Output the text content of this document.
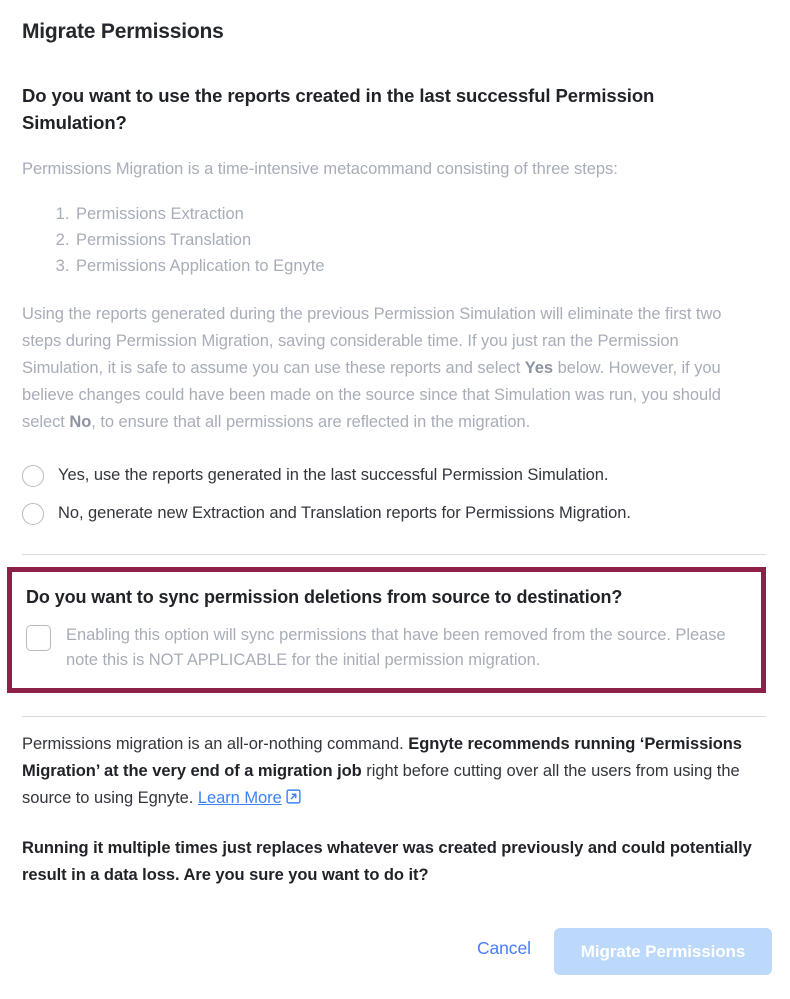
Migrate Permissions
Do you want to use the reports created in the last successful Permission Simulation?
Permissions Migration is a time-intensive metacommand consisting of three steps:
1. Permissions Extraction
2. Permissions Translation
3. Permissions Application to Egnyte
Using the reports generated during the previous Permission Simulation will eliminate the first two steps during Permission Migration, saving considerable time. If you just ran the Permission Simulation, it is safe to assume you can use these reports and select Yes below. However, if you believe changes could have been made on the source since that Simulation was run, you should select No, to ensure that all permissions are reflected in the migration.
Yes, use the reports generated in the last successful Permission Simulation.
No, generate new Extraction and Translation reports for Permissions Migration.
Do you want to sync permission deletions from source to destination?
Enabling this option will sync permissions that have been removed from the source. Please note this is NOT APPLICABLE for the initial permission migration.
Permissions migration is an all-or-nothing command. Egnyte recommends running ‘Permissions Migration’ at the very end of a migration job right before cutting over all the users from using the source to using Egnyte. Learn More
Running it multiple times just replaces whatever was created previously and could potentially result in a data loss. Are you sure you want to do it?
Cancel	Migrate Permissions
